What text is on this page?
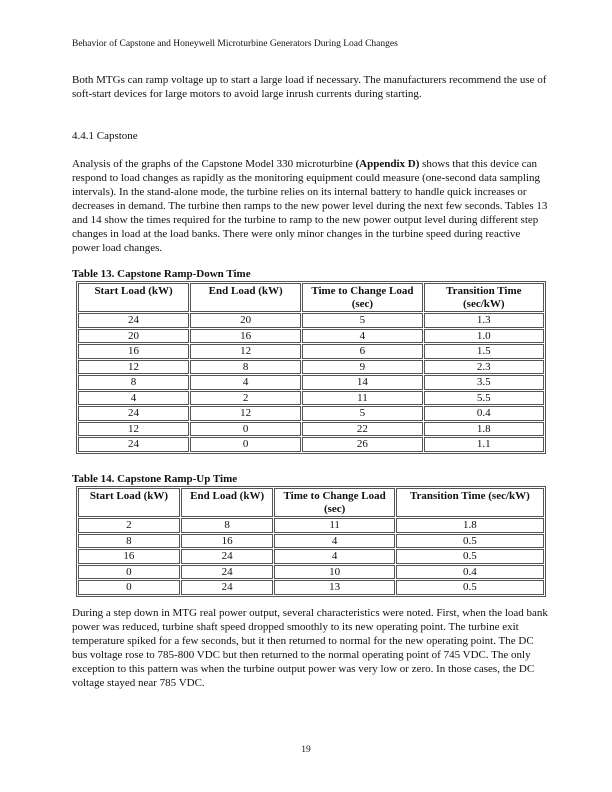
Behavior of Capstone and Honeywell Microturbine Generators During Load Changes

Both MTGs can ramp voltage up to start a large load if necessary. The manufacturers recommend the use of soft-start devices for large motors to avoid large inrush currents during starting.

4.4.1 Capstone

Analysis of the graphs of the Capstone Model 330 microturbine (Appendix D) shows that this device can respond to load changes as rapidly as the monitoring equipment could measure (one-second data sampling intervals). In the stand-alone mode, the turbine relies on its internal battery to handle quick increases or decreases in demand. The turbine then ramps to the new power level during the next few seconds. Tables 13 and 14 show the times required for the turbine to ramp to the new power output level during different step changes in load at the load banks. There were only minor changes in the turbine speed during reactive power load changes.

Table 13. Capstone Ramp-Down Time
Start Load (kW)	End Load (kW)	Time to Change Load (sec)	Transition Time (sec/kW)
24	20	5	1.3
20	16	4	1.0
16	12	6	1.5
12	8	9	2.3
8	4	14	3.5
4	2	11	5.5
24	12	5	0.4
12	0	22	1.8
24	0	26	1.1
Table 14. Capstone Ramp-Up Time
Start Load (kW)	End Load (kW)	Time to Change Load (sec)	Transition Time (sec/kW)
2	8	11	1.8
8	16	4	0.5
16	24	4	0.5
0	24	10	0.4
0	24	13	0.5

During a step down in MTG real power output, several characteristics were noted. First, when the load bank power was reduced, turbine shaft speed dropped smoothly to its new operating point. The turbine exit temperature spiked for a few seconds, but it then returned to normal for the new operating point. The DC bus voltage rose to 785-800 VDC but then returned to the normal operating point of 745 VDC. The only exception to this pattern was when the turbine output power was very low or zero. In those cases, the DC voltage stayed near 785 VDC.

19
